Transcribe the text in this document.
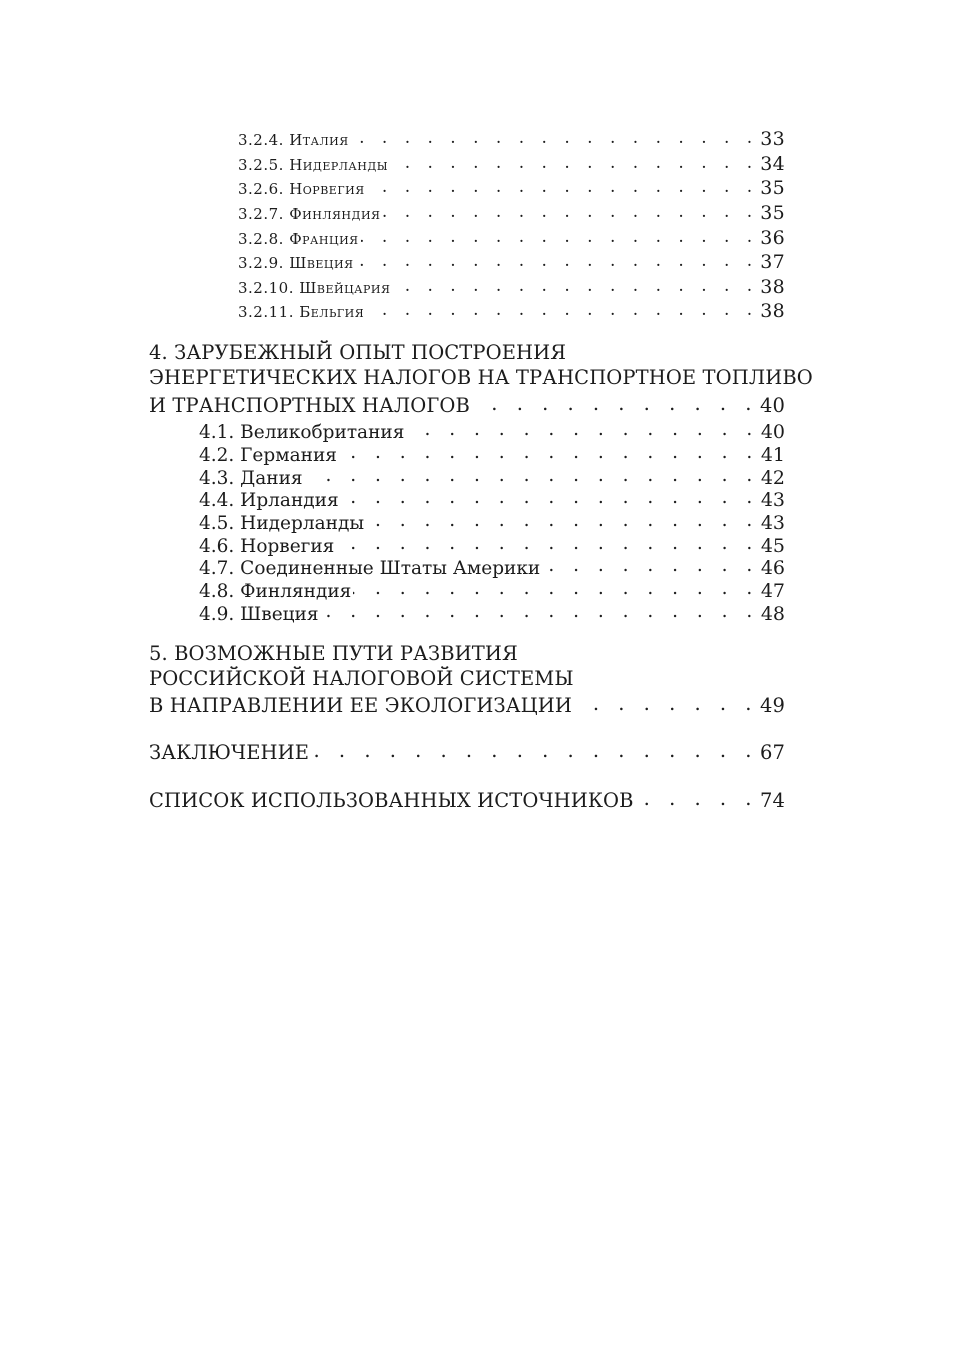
3.2.4. Италия . . .	33
3.2.5. Нидерланды . . .	34
3.2.6. Норвегия . . .	35
3.2.7. Финляндия . . .	35
3.2.8. Франция . . .	36
3.2.9. Швеция . . .	37
3.2.10. Швейцария . . .	38
3.2.11. Бельгия . . .	38
4. ЗАРУБЕЖНЫЙ ОПЫТ ПОСТРОЕНИЯ
ЭНЕРГЕТИЧЕСКИХ НАЛОГОВ НА ТРАНСПОРТНОЕ ТОПЛИВО
И ТРАНСПОРТНЫХ НАЛОГОВ . . .	40
4.1. Великобритания . . .	40
4.2. Германия . . .	41
4.3. Дания . . .	42
4.4. Ирландия . . .	43
4.5. Нидерланды . . .	43
4.6. Норвегия . . .	45
4.7. Соединенные Штаты Америки . . .	46
4.8. Финляндия . . .	47
4.9. Швеция . . .	48
5. ВОЗМОЖНЫЕ ПУТИ РАЗВИТИЯ
РОССИЙСКОЙ НАЛОГОВОЙ СИСТЕМЫ
В НАПРАВЛЕНИИ ЕЕ ЭКОЛОГИЗАЦИИ . . .	49
ЗАКЛЮЧЕНИЕ . . .	67
СПИСОК ИСПОЛЬЗОВАННЫХ ИСТОЧНИКОВ . . .	74
